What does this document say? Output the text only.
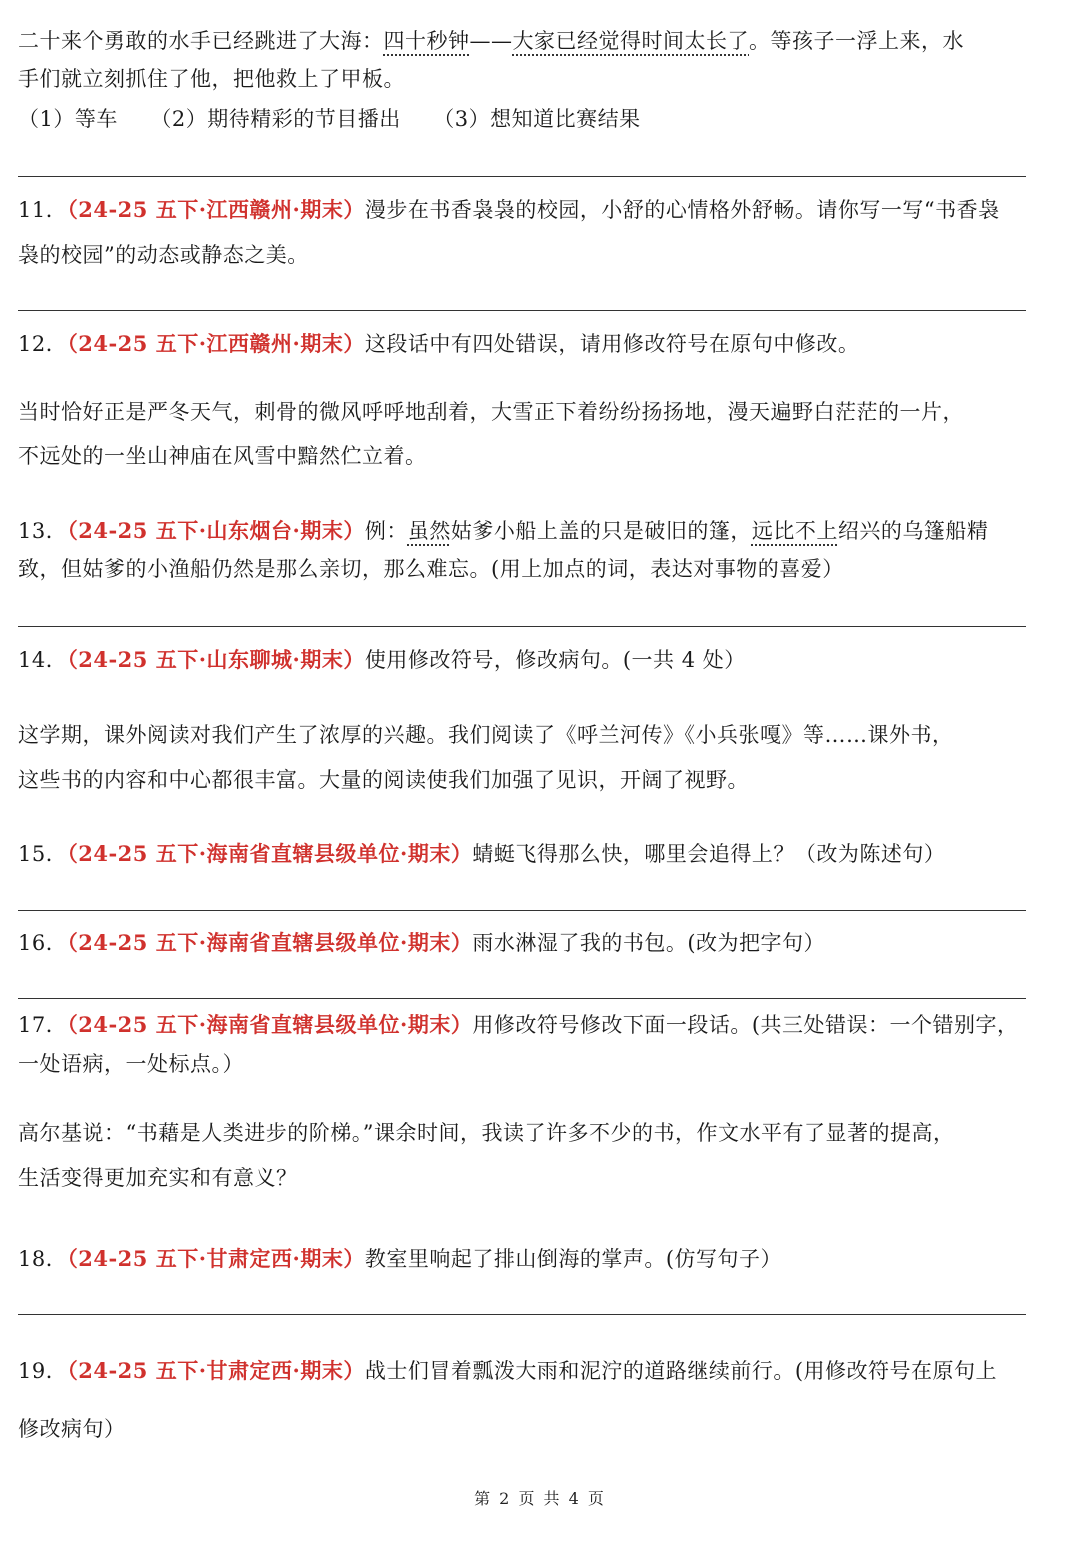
二十来个勇敢的水手已经跳进了大海：四十秒钟——大家已经觉得时间太长了。等孩子一浮上来，水
手们就立刻抓住了他，把他救上了甲板。
（1）等车　　（2）期待精彩的节目播出　　（3）想知道比赛结果
11．（24-25 五下·江西赣州·期末）漫步在书香袅袅的校园，小舒的心情格外舒畅。请你写一写“书香袅
袅的校园”的动态或静态之美。
12．（24-25 五下·江西赣州·期末）这段话中有四处错误，请用修改符号在原句中修改。
当时恰好正是严冬天气，刺骨的微风呼呼地刮着，大雪正下着纷纷扬扬地，漫天遍野白茫茫的一片，
不远处的一坐山神庙在风雪中黯然伫立着。
13．（24-25 五下·山东烟台·期末）例：虽然姑爹小船上盖的只是破旧的篷，远比不上绍兴的乌篷船精
致，但姑爹的小渔船仍然是那么亲切，那么难忘。(用上加点的词，表达对事物的喜爱）
14．（24-25 五下·山东聊城·期末）使用修改符号，修改病句。(一共 4 处）
这学期，课外阅读对我们产生了浓厚的兴趣。我们阅读了《呼兰河传》《小兵张嘎》等……课外书，
这些书的内容和中心都很丰富。大量的阅读使我们加强了见识，开阔了视野。
15．（24-25 五下·海南省直辖县级单位·期末）蜻蜓飞得那么快，哪里会追得上？（改为陈述句）
16．（24-25 五下·海南省直辖县级单位·期末）雨水淋湿了我的书包。(改为把字句）
17．（24-25 五下·海南省直辖县级单位·期末）用修改符号修改下面一段话。(共三处错误：一个错别字，
一处语病，一处标点。）
高尔基说：“书藉是人类进步的阶梯。”课余时间，我读了许多不少的书，作文水平有了显著的提高，
生活变得更加充实和有意义？
18．（24-25 五下·甘肃定西·期末）教室里响起了排山倒海的掌声。(仿写句子）
19．（24-25 五下·甘肃定西·期末）战士们冒着瓢泼大雨和泥泞的道路继续前行。(用修改符号在原句上
修改病句）
第 2 页 共 4 页
